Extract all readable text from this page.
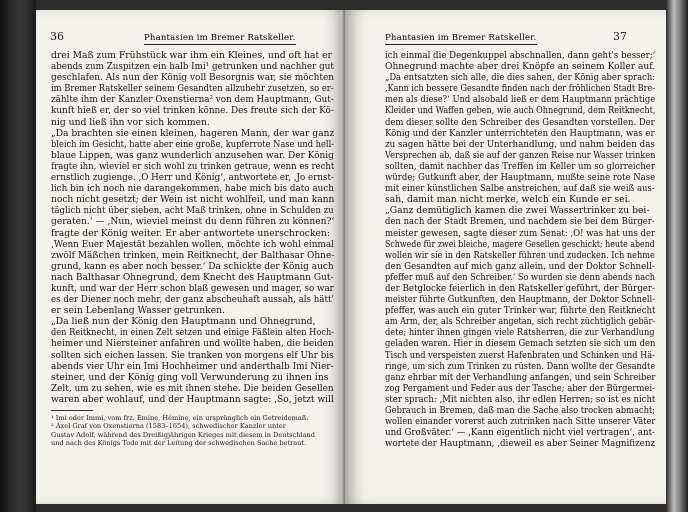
36	Phantasien im Bremer Ratskeller.

drei Maß zum Frühstück war ihm ein Kleines, und oft hat er

abends zum Zuspitzen ein halb Imi¹ getrunken und nachher gut

geschlafen. Als nun der König voll Besorgnis war, sie möchten

im Bremer Ratskeller seinem Gesandten allzuhehr zusetzen, so er-

zählte ihm der Kanzler Oxenstierna² von dem Hauptmann, Gut-

kunft hieß er, der so viel trinken könne. Des freute sich der Kö-

nig und ließ ihn vor sich kommen.

„Da brachten sie einen kleinen, hageren Mann, der war ganz

bleich im Gesicht, hatte aber eine große, kupferrote Nase und hell-

blaue Lippen, was ganz wunderlich anzusehen war. Der König

fragte ihn, wieviel er sich wohl zu trinken getraue, wenn es recht

ernstlich zugienge. ‚O Herr und König‘, antwortete er, ‚Jo ernst-

lich bin ich noch nie darangekommen, habe mich bis dato auch

noch nicht gesetzt; der Wein ist nicht wohlfeil, und man kann

täglich nicht über sieben, acht Maß trinken, ohne in Schulden zu

geraten.‘ — ‚Nun, wieviel meinst du denn führen zu können?‘

fragte der König weiter. Er aber antwortete unerschrocken:

‚Wenn Euer Majestät bezahlen wollen, möchte ich wohl einmal

zwölf Mäßchen trinken, mein Reitknecht, der Balthasar Ohne-

grund, kann es aber noch besser.‘ Da schickte der König auch

nach Balthasar Ohnegrund, dem Knecht des Hauptmann Gut-

kunft, und war der Herr schon blaß gewesen und mager, so war

es der Diener noch mehr, der ganz abscheuhaft aussah, als hätt'

er sein Lebenlang Wasser getrunken.

„Da ließ nun der König den Hauptmann und Ohnegrund,

den Reitknecht, in einen Zelt setzen und einige Fäßlein alten Hoch-

heimer und Niersteiner anfahren und wollte haben, die beiden

sollten sich eichen lassen. Sie tranken von morgens elf Uhr bis

abends vier Uhr ein Imi Hochheimer und anderthalb Imi Nier-

steiner, und der König ging voll Verwunderung zu ihnen ins

Zelt, um zu sehen, wie es mit ihnen stehe. Die beiden Gesellen

waren aber wohlauf, und der Hauptmann sagte: ‚So, jetzt will

¹ Imi oder Immi, vom frz. Émine, Hémine, ein ursprünglich ein Getreidemaß.

² Axel Graf von Oxenstierna (1583–1654), schwedischer Kanzler unter

Gustav Adolf, während des Dreißigjährigen Krieges mit diesem in Deutschland

und nach des Königs Tode mit der Leitung der schwedischen Sache betraut.

Phantasien im Bremer Ratskeller.	37

ich einmal die Degenkuppel abschnallen, dann geht's besser;‘

Ohnegrund machte aber drei Knöpfe an seinem Koller auf.

„Da entsatzten sich alle, die dies sahen, der König aber sprach:

‚Kann ich bessere Gesandte finden nach der fröhlichen Stadt Bre-

men als diese?‘ Und alsobald ließ er dem Hauptmann prächtige

Kleider und Waffen geben, wie auch Ohnegrund, dem Reitknecht,

dem dieser sollte den Schreiber des Gesandten vorstellen. Der

König und der Kanzler unterrichteten den Hauptmann, was er

zu sagen hätte bei der Unterhandlung, und nahm beiden das

Versprechen ab, daß sie auf der ganzen Reise nur Wasser trinken

sollten, damit nachher das Treffen im Keller um so glorreicher

würde; Gutkunft aber, der Hauptmann, mußte seine rote Nase

mit einer künstlichen Salbe anstreichen, auf daß sie weiß aus-

sah, damit man nicht merke, welch ein Kunde er sei.

„Ganz demütiglich kamen die zwei Wassertrinker zu bei-

den nach der Stadt Bremen, und nachdem sie bei dem Bürger-

meister gewesen, sagte dieser zum Senat: ‚O! was hat uns der

Schwede für zwei bleiche, magere Gesellen geschickt; heute abend

wollen wir sie in den Ratskeller führen und zudecken. Ich nehme

den Gesandten auf mich ganz allein, und der Doktor Schnell-

pfeffer muß auf den Schreiber.‘ So wurden sie denn abends nach

der Betglocke feierlich in den Ratskeller geführt, der Bürger-

meister führte Gutkunften, den Hauptmann, der Doktor Schnell-

pfeffer, was auch ein guter Trinker war, führte den Reitknecht

am Arm, der, als Schreiber angetan, sich recht züchtiglich gebär-

dete; hinter ihnen gingen viele Ratsherren, die zur Verhandlung

geladen waren. Hier in diesem Gemach setzten sie sich um den

Tisch und verspeisten zuerst Hafenbraten und Schinken und Hä-

ringe, um sich zum Trinken zu rüsten. Dann wollte der Gesandte

ganz ehrbar mit der Verhandlung anfangen, und sein Schreiber

zog Pergament und Feder aus der Tasche; aber der Bürgermei-

ster sprach: ‚Mit nichten also, ihr edlen Herren; so ist es nicht

Gebrauch in Bremen, daß man die Sache also trocken abmacht;

wollen einander vorerst auch zutrinken nach Sitte unserer Väter

und Großväter.‘ — ‚Kann eigentlich nicht viel vertragen‘, ant-

wortete der Hauptmann, ‚dieweil es aber Seiner Magnifizenz
